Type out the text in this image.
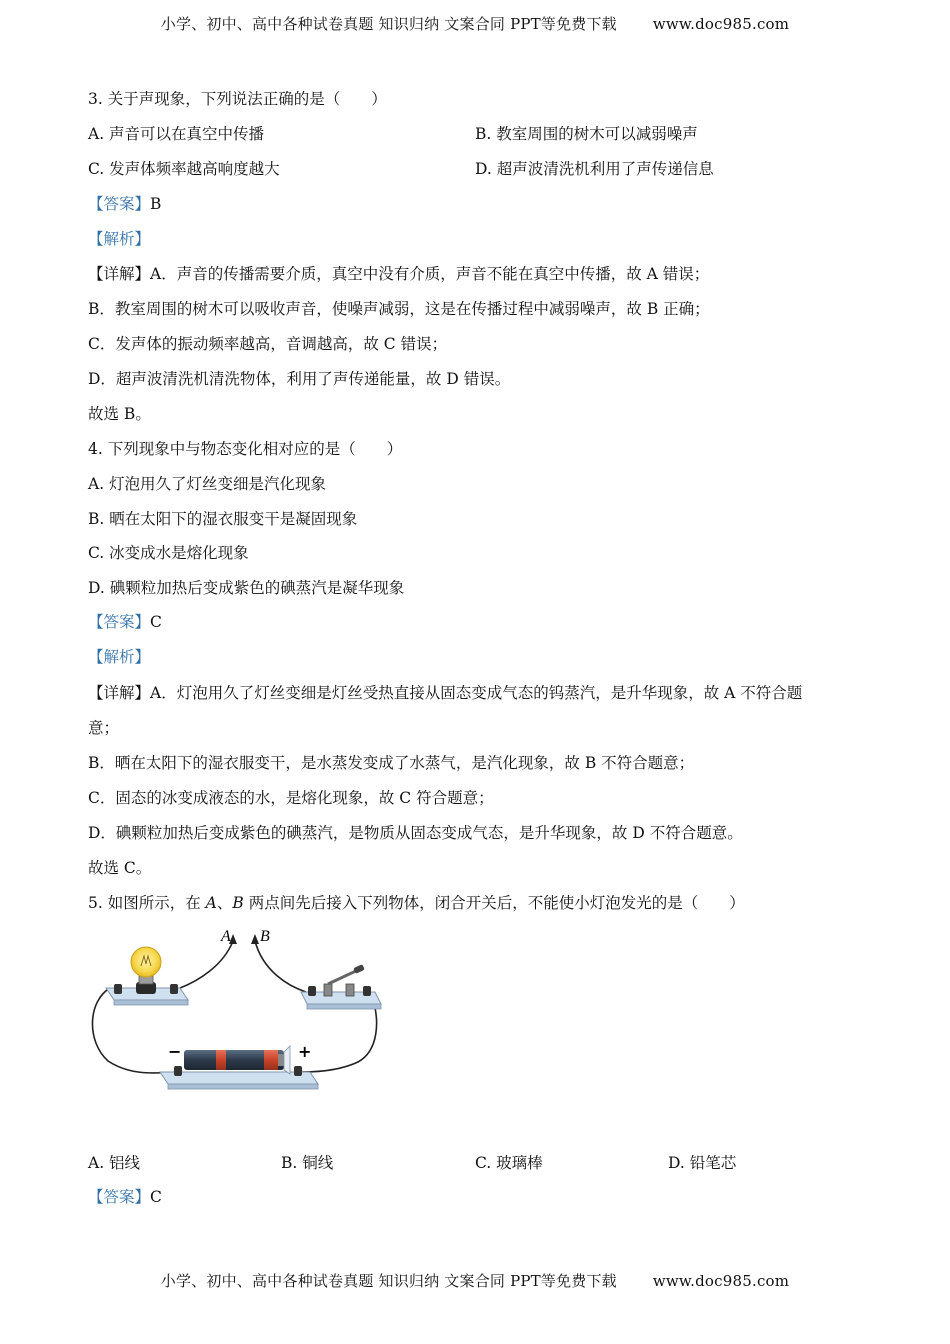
小学、初中、高中各种试卷真题 知识归纳 文案合同 PPT等免费下载 www.doc985.com
3. 关于声现象，下列说法正确的是（　　）
A. 声音可以在真空中传播	B. 教室周围的树木可以减弱噪声
C. 发声体频率越高响度越大	D. 超声波清洗机利用了声传递信息
【答案】B
【解析】
【详解】A．声音的传播需要介质，真空中没有介质，声音不能在真空中传播，故 A 错误；
B．教室周围的树木可以吸收声音，使噪声减弱，这是在传播过程中减弱噪声，故 B 正确；
C．发声体的振动频率越高，音调越高，故 C 错误；
D．超声波清洗机清洗物体，利用了声传递能量，故 D 错误。
故选 B。
4. 下列现象中与物态变化相对应的是（　　）
A. 灯泡用久了灯丝变细是汽化现象
B. 晒在太阳下的湿衣服变干是凝固现象
C. 冰变成水是熔化现象
D. 碘颗粒加热后变成紫色的碘蒸汽是凝华现象
【答案】C
【解析】
【详解】A．灯泡用久了灯丝变细是灯丝受热直接从固态变成气态的钨蒸汽，是升华现象，故 A 不符合题
意；
B．晒在太阳下的湿衣服变干，是水蒸发变成了水蒸气，是汽化现象，故 B 不符合题意；
C．固态的冰变成液态的水，是熔化现象，故 C 符合题意；
D．碘颗粒加热后变成紫色的碘蒸汽，是物质从固态变成气态，是升华现象，故 D 不符合题意。
故选 C。
5. 如图所示，在 A、B 两点间先后接入下列物体，闭合开关后，不能使小灯泡发光的是（　　）
A B
−	+
A. 铝线	B. 铜线	C. 玻璃棒	D. 铅笔芯
【答案】C
小学、初中、高中各种试卷真题 知识归纳 文案合同 PPT等免费下载 www.doc985.com
